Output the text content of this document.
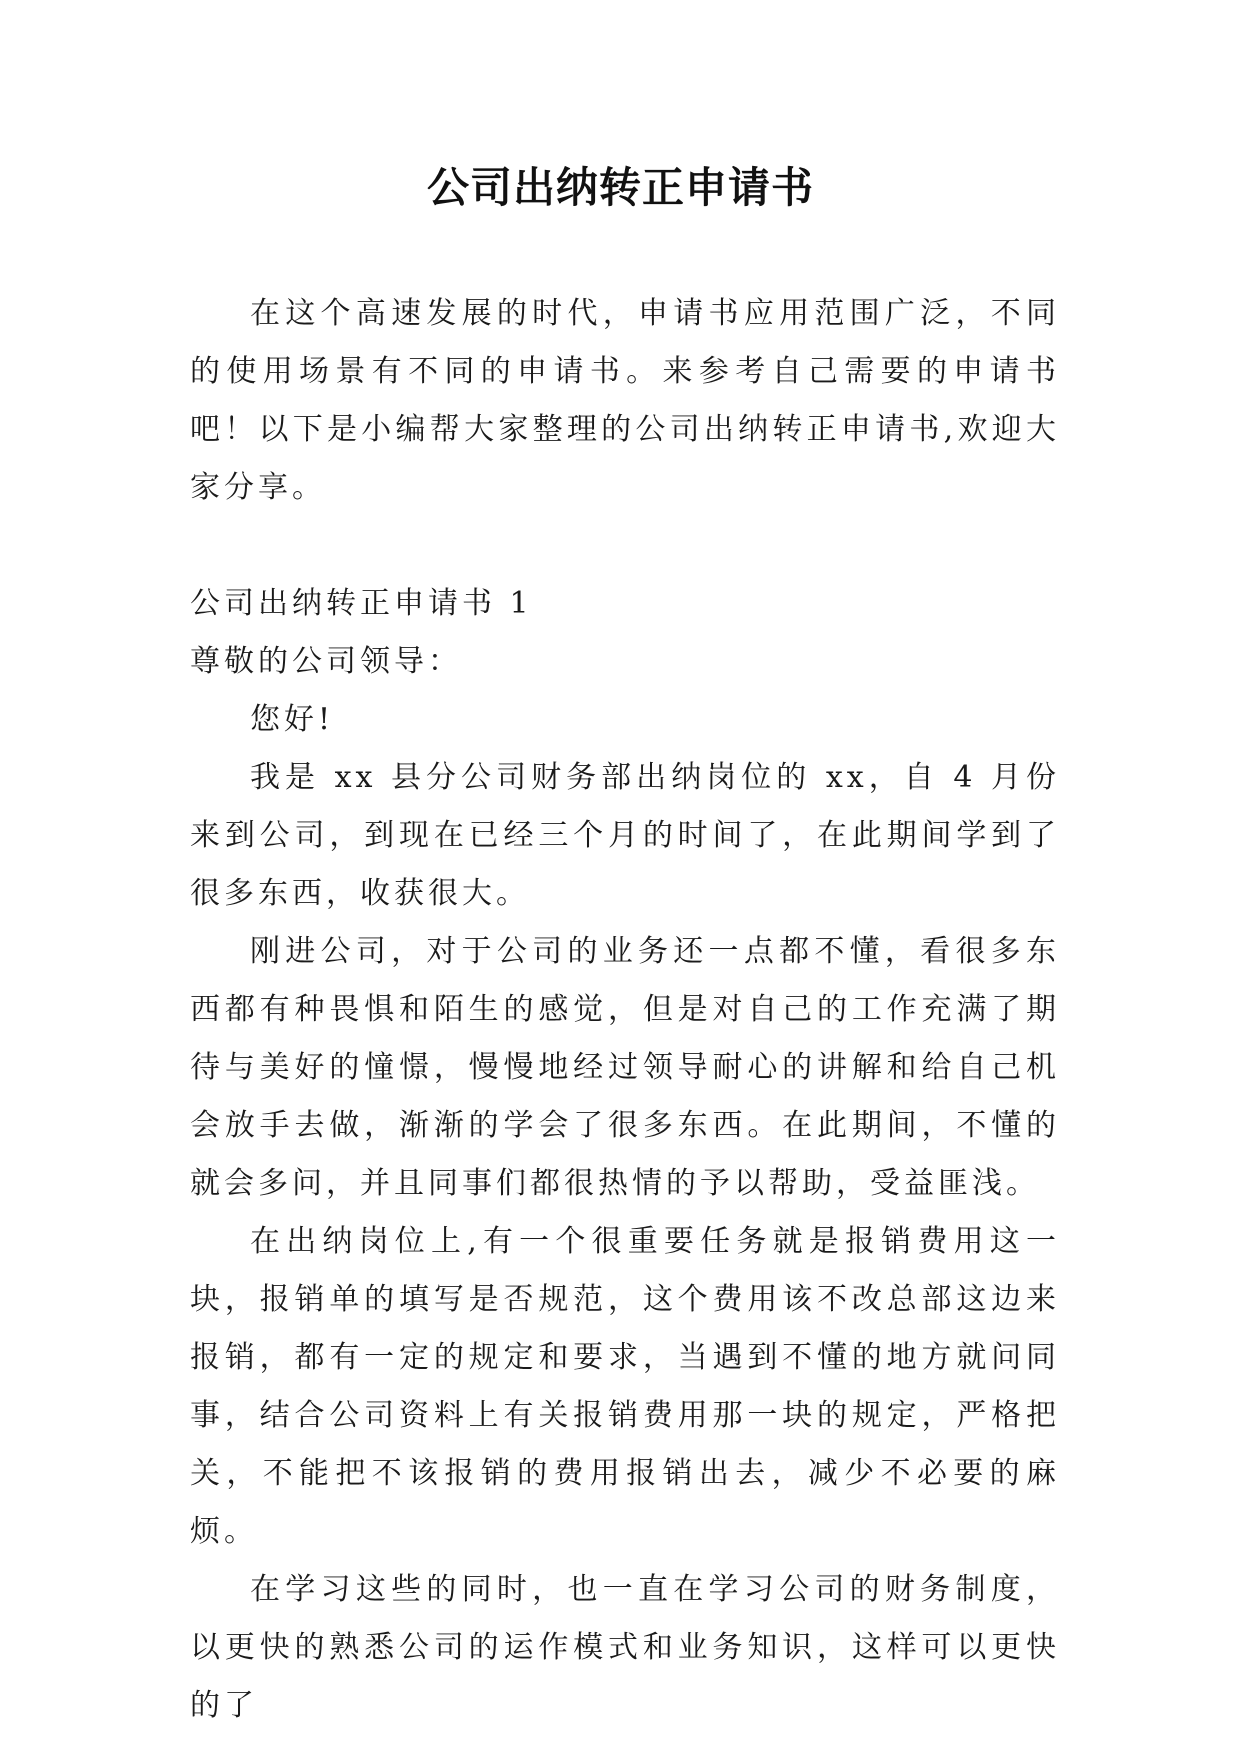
公司出纳转正申请书

在这个高速发展的时代，申请书应用范围广泛，不同的使用场景有不同的申请书。来参考自己需要的申请书吧！以下是小编帮大家整理的公司出纳转正申请书,欢迎大家分享。

公司出纳转正申请书 1

尊敬的公司领导：

您好!

我是 xx 县分公司财务部出纳岗位的 xx，自 4 月份来到公司，到现在已经三个月的时间了，在此期间学到了很多东西，收获很大。

刚进公司，对于公司的业务还一点都不懂，看很多东西都有种畏惧和陌生的感觉，但是对自己的工作充满了期待与美好的憧憬，慢慢地经过领导耐心的讲解和给自己机会放手去做，渐渐的学会了很多东西。在此期间，不懂的就会多问，并且同事们都很热情的予以帮助，受益匪浅。

在出纳岗位上,有一个很重要任务就是报销费用这一块，报销单的填写是否规范，这个费用该不改总部这边来报销，都有一定的规定和要求，当遇到不懂的地方就问同事，结合公司资料上有关报销费用那一块的规定，严格把关，不能把不该报销的费用报销出去，减少不必要的麻烦。

在学习这些的同时，也一直在学习公司的财务制度，以更快的熟悉公司的运作模式和业务知识，这样可以更快的了
